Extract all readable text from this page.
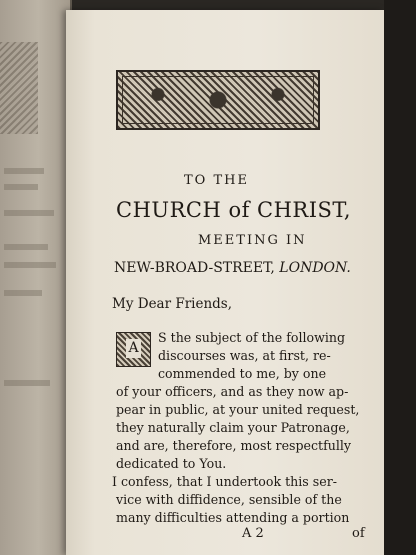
TO THE
CHURCH of CHRIST,
MEETING IN
NEW-BROAD-STREET, LONDON.
My Dear Friends,
A
S the subject of the following
discourses was, at first, re-
commended to me, by one
of your officers, and as they now ap-
pear in public, at your united request,
they naturally claim your Patronage,
and are, therefore, most respectfully
dedicated to You.
I confess, that I undertook this ser-
vice with diffidence, sensible of the
many difficulties attending a portion
A 2	of
